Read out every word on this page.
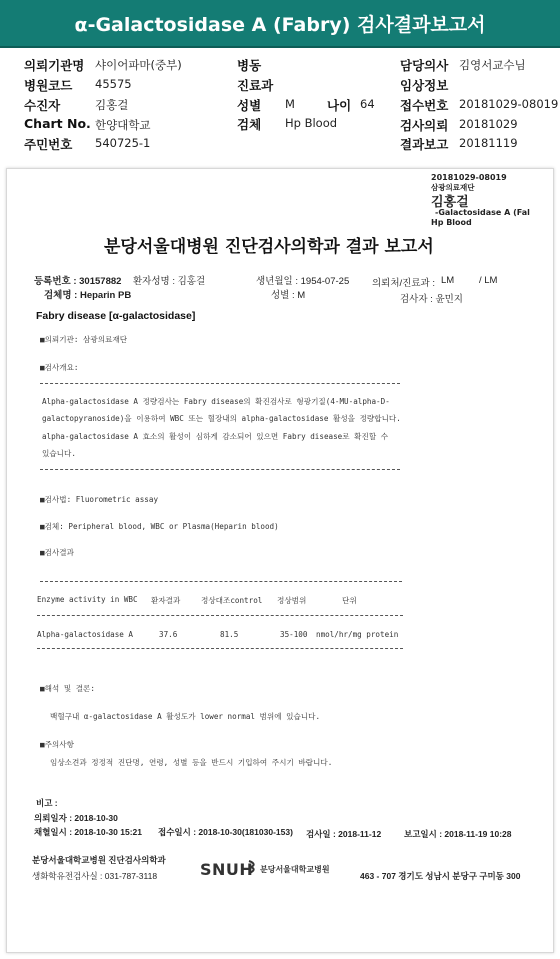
α-Galactosidase A (Fabry) 검사결과보고서
의뢰기관명 샤이어파마(중부)
병원코드 45575
수진자	김홍걸
Chart No. 한양대학교
주민번호 540725-1
병동
진료과
성별 M	나이 64
검체 Hp Blood
담당의사 김영서교수님
임상정보
접수번호 20181029-08019
검사의뢰 20181029
결과보고 20181119
20181029-08019
삼광의료재단
김홍걸
-Galactosidase A (Fal
Hp Blood
분당서울대병원 진단검사의학과 결과 보고서
등록번호 : 30157882 환자성명 : 김홍걸	생년월일 : 1954-07-25 의뢰처/진료과 : LM	/ LM
검체명 : Heparin PB	성별 : M	검사자 : 윤민지
Fabry disease [α-galactosidase]
■의뢰기관: 삼광의료재단
■검사개요:
Alpha-galactosidase A 정량검사는 Fabry disease의 확진검사로 형광기질(4-MU-alpha-D-
galactopyranoside)을 이용하여 WBC 또는 혈장내의 alpha-galactosidase 활성을 정량합니다.
alpha-galactosidase A 효소의 활성이 심하게 감소되어 있으면 Fabry disease로 확진할 수
있습니다.
■검사법: Fluorometric assay
■검체: Peripheral blood, WBC or Plasma(Heparin blood)
■검사결과
Enzyme activity in WBC 환자결과	정상대조control 정상범위	단위
Alpha-galactosidase A	37.6	81.5	35-100 nmol/hr/mg protein
■해석 및 결론:
백혈구내 α-galactosidase A 활성도가 lower normal 범위에 있습니다.
■주의사항
임상소견과 정정적 진단명, 연령, 성별 등을 반드시 기입하여 주시기 바랍니다.
비고 :
의뢰일자 : 2018-10-30
채혈일시 : 2018-10-30 15:21 접수일시 : 2018-10-30(181030-153) 검사일 : 2018-11-12	보고일시 : 2018-11-19 10:28
분당서울대학교병원 진단검사의학과
생화학유전검사실 : 031-787-3118	SNUH 분당서울대학교병원
463 - 707 경기도 성남시 분당구 구미동 300
